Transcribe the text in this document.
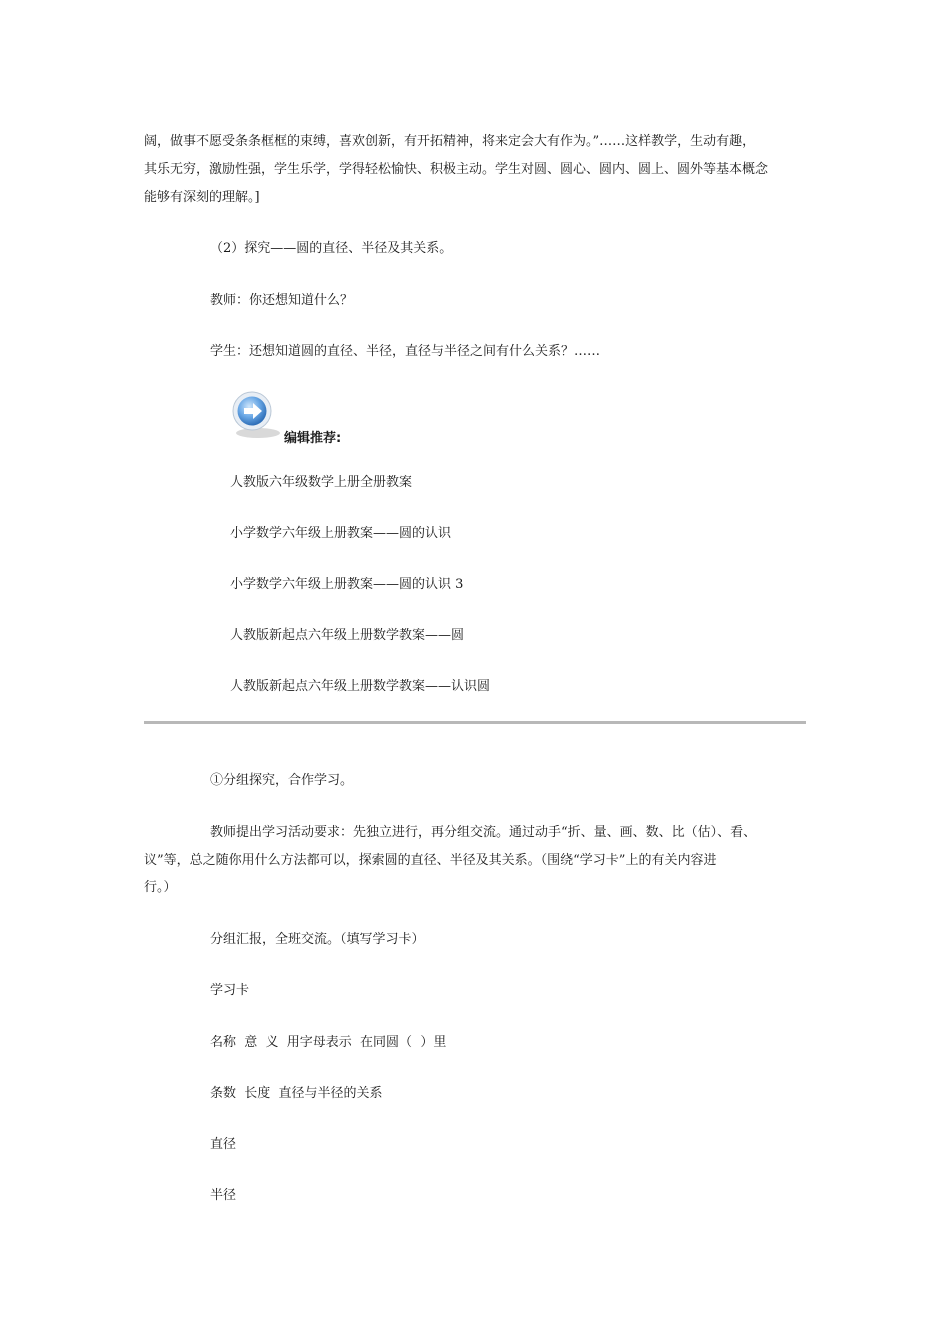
阔，做事不愿受条条框框的束缚，喜欢创新，有开拓精神，将来定会大有作为。”……这样教学，生动有趣，
其乐无穷，激励性强，学生乐学，学得轻松愉快、积极主动。学生对圆、圆心、圆内、圆上、圆外等基本概念
能够有深刻的理解。]
（2）探究——圆的直径、半径及其关系。
教师：你还想知道什么？
学生：还想知道圆的直径、半径，直径与半径之间有什么关系？……
编辑推荐:
人教版六年级数学上册全册教案
小学数学六年级上册教案——圆的认识
小学数学六年级上册教案——圆的认识 3
人教版新起点六年级上册数学教案——圆
人教版新起点六年级上册数学教案——认识圆
①分组探究，合作学习。
教师提出学习活动要求：先独立进行，再分组交流。通过动手“折、量、画、数、比（估）、看、
议”等，总之随你用什么方法都可以，探索圆的直径、半径及其关系。（围绕“学习卡”上的有关内容进
行。）
分组汇报，全班交流。（填写学习卡）
学习卡
名称  意  义  用字母表示  在同圆（  ）里
条数  长度  直径与半径的关系
直径
半径
